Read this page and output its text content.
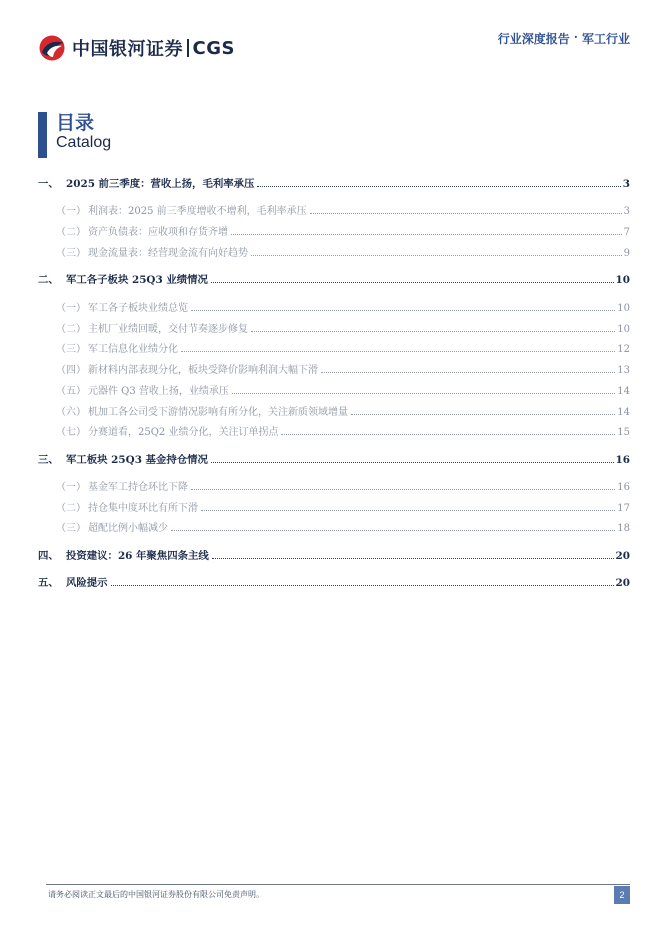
中国银河证券 CGS	行业深度报告 · 军工行业
目录
Catalog
一、 2025 前三季度：营收上扬，毛利率承压	3
（一） 利润表：2025 前三季度增收不增利，毛利率承压	3
（二） 资产负债表：应收项和存货齐增	7
（三） 现金流量表：经营现金流有向好趋势	9
二、 军工各子板块 25Q3 业绩情况	10
（一） 军工各子板块业绩总览	10
（二） 主机厂业绩回暖，交付节奏逐步修复	10
（三） 军工信息化业绩分化	12
（四） 新材料内部表现分化，板块受降价影响利润大幅下滑	13
（五） 元器件 Q3 营收上扬，业绩承压	14
（六） 机加工各公司受下游情况影响有所分化，关注新质领域增量	14
（七） 分赛道看，25Q2 业绩分化，关注订单拐点	15
三、 军工板块 25Q3 基金持仓情况	16
（一） 基金军工持仓环比下降	16
（二） 持仓集中度环比有所下滑	17
（三） 超配比例小幅减少	18
四、 投资建议：26 年聚焦四条主线	20
五、 风险提示	20
请务必阅读正文最后的中国银河证券股份有限公司免责声明。	2
